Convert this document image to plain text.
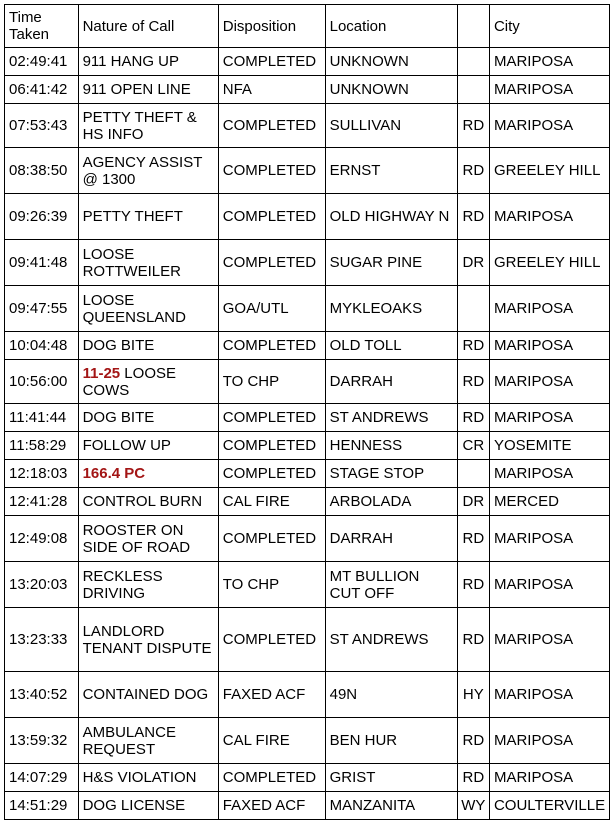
Time Taken	Nature of Call	Disposition	Location		City
02:49:41	911 HANG UP	COMPLETED	UNKNOWN		MARIPOSA
06:41:42	911 OPEN LINE	NFA	UNKNOWN		MARIPOSA
07:53:43	PETTY THEFT & HS INFO	COMPLETED	SULLIVAN	RD	MARIPOSA
08:38:50	AGENCY ASSIST @ 1300	COMPLETED	ERNST	RD	GREELEY HILL
09:26:39	PETTY THEFT	COMPLETED	OLD HIGHWAY N	RD	MARIPOSA
09:41:48	LOOSE ROTTWEILER	COMPLETED	SUGAR PINE	DR	GREELEY HILL
09:47:55	LOOSE QUEENSLAND	GOA/UTL	MYKLEOAKS		MARIPOSA
10:04:48	DOG BITE	COMPLETED	OLD TOLL	RD	MARIPOSA
10:56:00	11-25 LOOSE COWS	TO CHP	DARRAH	RD	MARIPOSA
11:41:44	DOG BITE	COMPLETED	ST ANDREWS	RD	MARIPOSA
11:58:29	FOLLOW UP	COMPLETED	HENNESS	CR	YOSEMITE
12:18:03	166.4 PC	COMPLETED	STAGE STOP		MARIPOSA
12:41:28	CONTROL BURN	CAL FIRE	ARBOLADA	DR	MERCED
12:49:08	ROOSTER ON SIDE OF ROAD	COMPLETED	DARRAH	RD	MARIPOSA
13:20:03	RECKLESS DRIVING	TO CHP	MT BULLION CUT OFF	RD	MARIPOSA
13:23:33	LANDLORD TENANT DISPUTE	COMPLETED	ST ANDREWS	RD	MARIPOSA
13:40:52	CONTAINED DOG	FAXED ACF	49N	HY	MARIPOSA
13:59:32	AMBULANCE REQUEST	CAL FIRE	BEN HUR	RD	MARIPOSA
14:07:29	H&S VIOLATION	COMPLETED	GRIST	RD	MARIPOSA
14:51:29	DOG LICENSE	FAXED ACF	MANZANITA	WY	COULTERVILLE
